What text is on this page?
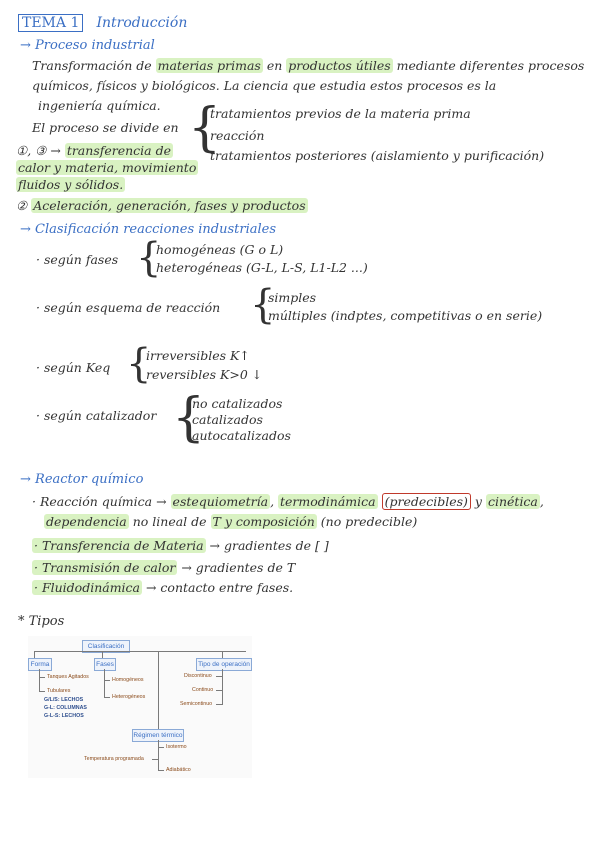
TEMA 1 Introducción
→ Proceso industrial
Transformación de materias primas en productos útiles mediante diferentes procesos
químicos, físicos y biológicos. La ciencia que estudia estos procesos es la
ingeniería química.
El proceso se divide en {
tratamientos previos de la materia prima
reacción
tratamientos posteriores (aislamiento y purificación)
①, ③ → transferencia de
calor y materia, movimiento
fluidos y sólidos.
② Aceleración, generación, fases y productos
→ Clasificación reacciones industriales
· según fases {
homogéneas (G o L)
heterogéneas (G-L, L-S, L1-L2 ...)
· según esquema de reacción {
simples
múltiples (indptes, competitivas o en serie)
· según Keq {
irreversibles K↑
reversibles K>0 ↓
· según catalizador {
no catalizados
catalizados
autocatalizados
→ Reactor químico
· Reacción química → estequiometría , termodinámica (predecibles) y cinética ,
dependencia no lineal de T y composición (no predecible)
· Transferencia de Materia → gradientes de [ ]
· Transmisión de calor → gradientes de T
· Fluidodinámica → contacto entre fases.
* Tipos
Clasificación
Forma	Fases	Tipo de operación
Tanques Agitados
Tubulares
G/L/S: LECHOS
G-L: COLUMNAS
G-L-S: LECHOS
Homogéneos
Heterogéneos
Discontinuo
Continuo
Semicontinuo
Régimen térmico
Isotermo
Temperatura programada
Adiabático
